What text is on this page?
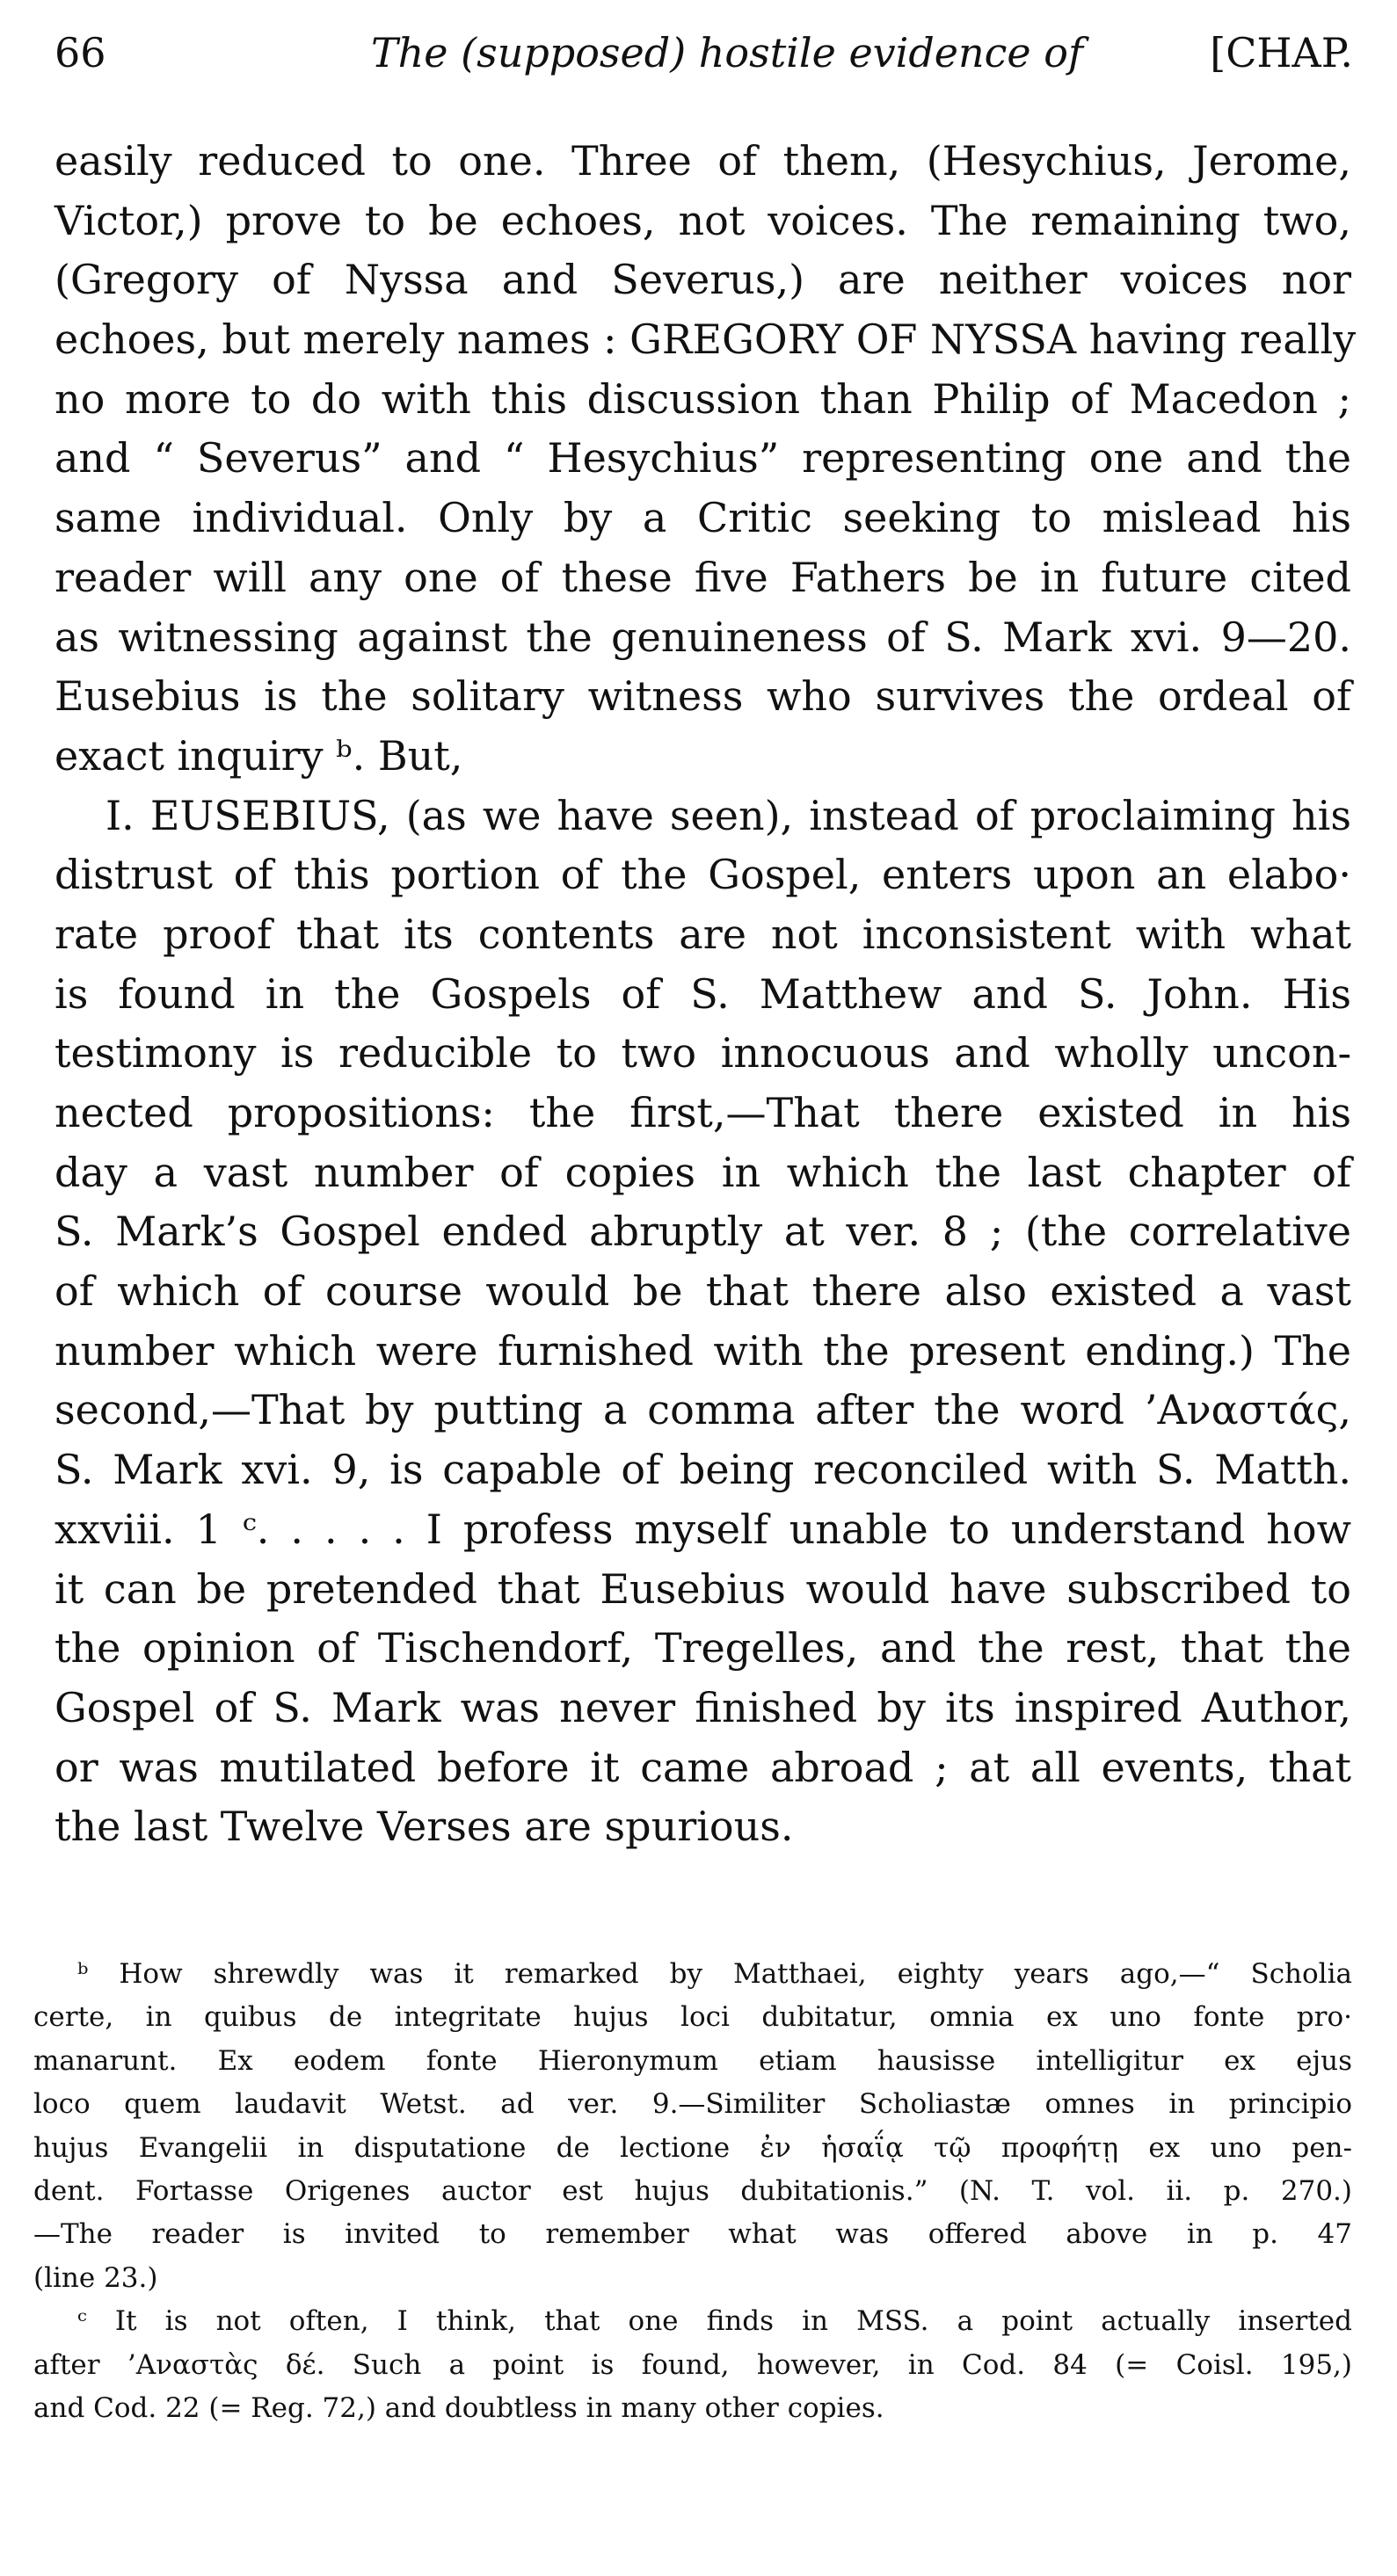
66	The (supposed) hostile evidence of	[CHAP.
easily reduced to one. Three of them, (Hesychius, Jerome,
Victor,) prove to be echoes, not voices. The remaining two,
(Gregory of Nyssa and Severus,) are neither voices nor
echoes, but merely names : GREGORY OF NYSSA having really
no more to do with this discussion than Philip of Macedon ;
and “ Severus” and “ Hesychius” representing one and the
same individual. Only by a Critic seeking to mislead his
reader will any one of these five Fathers be in future cited
as witnessing against the genuineness of S. Mark xvi. 9—20.
Eusebius is the solitary witness who survives the ordeal of
exact inquiry ᵇ. But,
I. EUSEBIUS, (as we have seen), instead of proclaiming his
distrust of this portion of the Gospel, enters upon an elabo·
rate proof that its contents are not inconsistent with what
is found in the Gospels of S. Matthew and S. John. His
testimony is reducible to two innocuous and wholly uncon-
nected propositions: the first,—That there existed in his
day a vast number of copies in which the last chapter of
S. Mark’s Gospel ended abruptly at ver. 8 ; (the correlative
of which of course would be that there also existed a vast
number which were furnished with the present ending.) The
second,—That by putting a comma after the word ’Αναστάς,
S. Mark xvi. 9, is capable of being reconciled with S. Matth.
xxviii. 1 ᶜ. . . . . I profess myself unable to understand how
it can be pretended that Eusebius would have subscribed to
the opinion of Tischendorf, Tregelles, and the rest, that the
Gospel of S. Mark was never finished by its inspired Author,
or was mutilated before it came abroad ; at all events, that
the last Twelve Verses are spurious.
ᵇ How shrewdly was it remarked by Matthaei, eighty years ago,—“ Scholia
certe, in quibus de integritate hujus loci dubitatur, omnia ex uno fonte pro·
manarunt. Ex eodem fonte Hieronymum etiam hausisse intelligitur ex ejus
loco quem laudavit Wetst. ad ver. 9.—Similiter Scholiastæ omnes in principio
hujus Evangelii in disputatione de lectione ἐν ἡσαΐᾳ τῷ προφήτῃ ex uno pen-
dent. Fortasse Origenes auctor est hujus dubitationis.” (N. T. vol. ii. p. 270.)
—The reader is invited to remember what was offered above in p. 47
(line 23.)
ᶜ It is not often, I think, that one finds in MSS. a point actually inserted
after ’Αναστὰς δέ. Such a point is found, however, in Cod. 84 (= Coisl. 195,)
and Cod. 22 (= Reg. 72,) and doubtless in many other copies.
